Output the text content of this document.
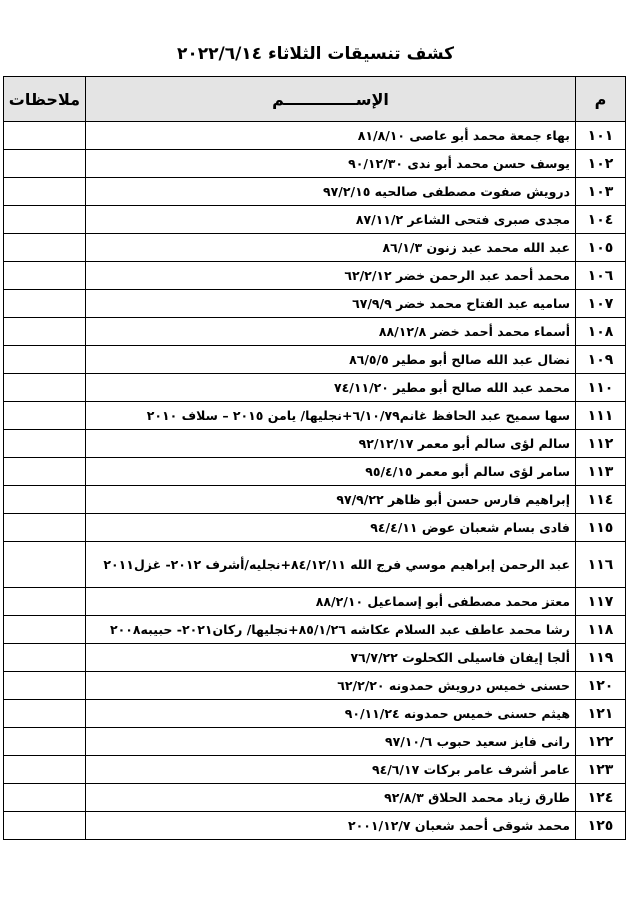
كشف تنسيقات الثلاثاء ٢٠٢٢/٦/١٤
م	الإســـــــــــــم	ملاحظات
١٠١	بهاء جمعة محمد أبو عاصى ٨١/٨/١٠	
١٠٢	يوسف حسن محمد أبو ندى ٩٠/١٢/٣٠	
١٠٣	درويش صفوت مصطفى صالحيه ٩٧/٢/١٥	
١٠٤	مجدى صبرى فتحى الشاعر ٨٧/١١/٢	
١٠٥	عبد الله محمد عبد زنون ٨٦/١/٣	
١٠٦	محمد أحمد عبد الرحمن خضر ٦٢/٢/١٢	
١٠٧	ساميه عبد الفتاح محمد خضر ٦٧/٩/٩	
١٠٨	أسماء محمد أحمد خضر ٨٨/١٢/٨	
١٠٩	نضال عبد الله صالح أبو مطير ٨٦/٥/٥	
١١٠	محمد عبد الله صالح أبو مطير ٧٤/١١/٢٠	
١١١	سها سميح عبد الحافظ غانم٦/١٠/٧٩+نجليها/ يامن ٢٠١٥ – سلاف ٢٠١٠	
١١٢	سالم لؤى سالم أبو معمر ٩٢/١٢/١٧	
١١٣	سامر لؤى سالم أبو معمر ٩٥/٤/١٥	
١١٤	إبراهيم فارس حسن أبو ظاهر ٩٧/٩/٢٢	
١١٥	فادى بسام شعبان عوض ٩٤/٤/١١	
١١٦	عبد الرحمن إبراهيم موسي فرج الله ٨٤/١٢/١١+نجليه/أشرف ٢٠١٢- غزل٢٠١١	
١١٧	معتز محمد مصطفى أبو إسماعيل ٨٨/٢/١٠	
١١٨	رشا محمد عاطف عبد السلام عكاشه ٨٥/١/٢٦+نجليها/ ركان٢٠٢١- حبيبه٢٠٠٨	
١١٩	ألجا إيفان فاسيلى الكحلوت ٧٦/٧/٢٢	
١٢٠	حسنى خميس درويش حمدونه ٦٢/٢/٢٠	
١٢١	هيثم حسنى خميس حمدونه ٩٠/١١/٢٤	
١٢٢	رانى فايز سعيد حبوب ٩٧/١٠/٦	
١٢٣	عامر أشرف عامر بركات ٩٤/٦/١٧	
١٢٤	طارق زياد محمد الحلاق ٩٢/٨/٣	
١٢٥	محمد شوقى أحمد شعبان ٢٠٠١/١٢/٧	
